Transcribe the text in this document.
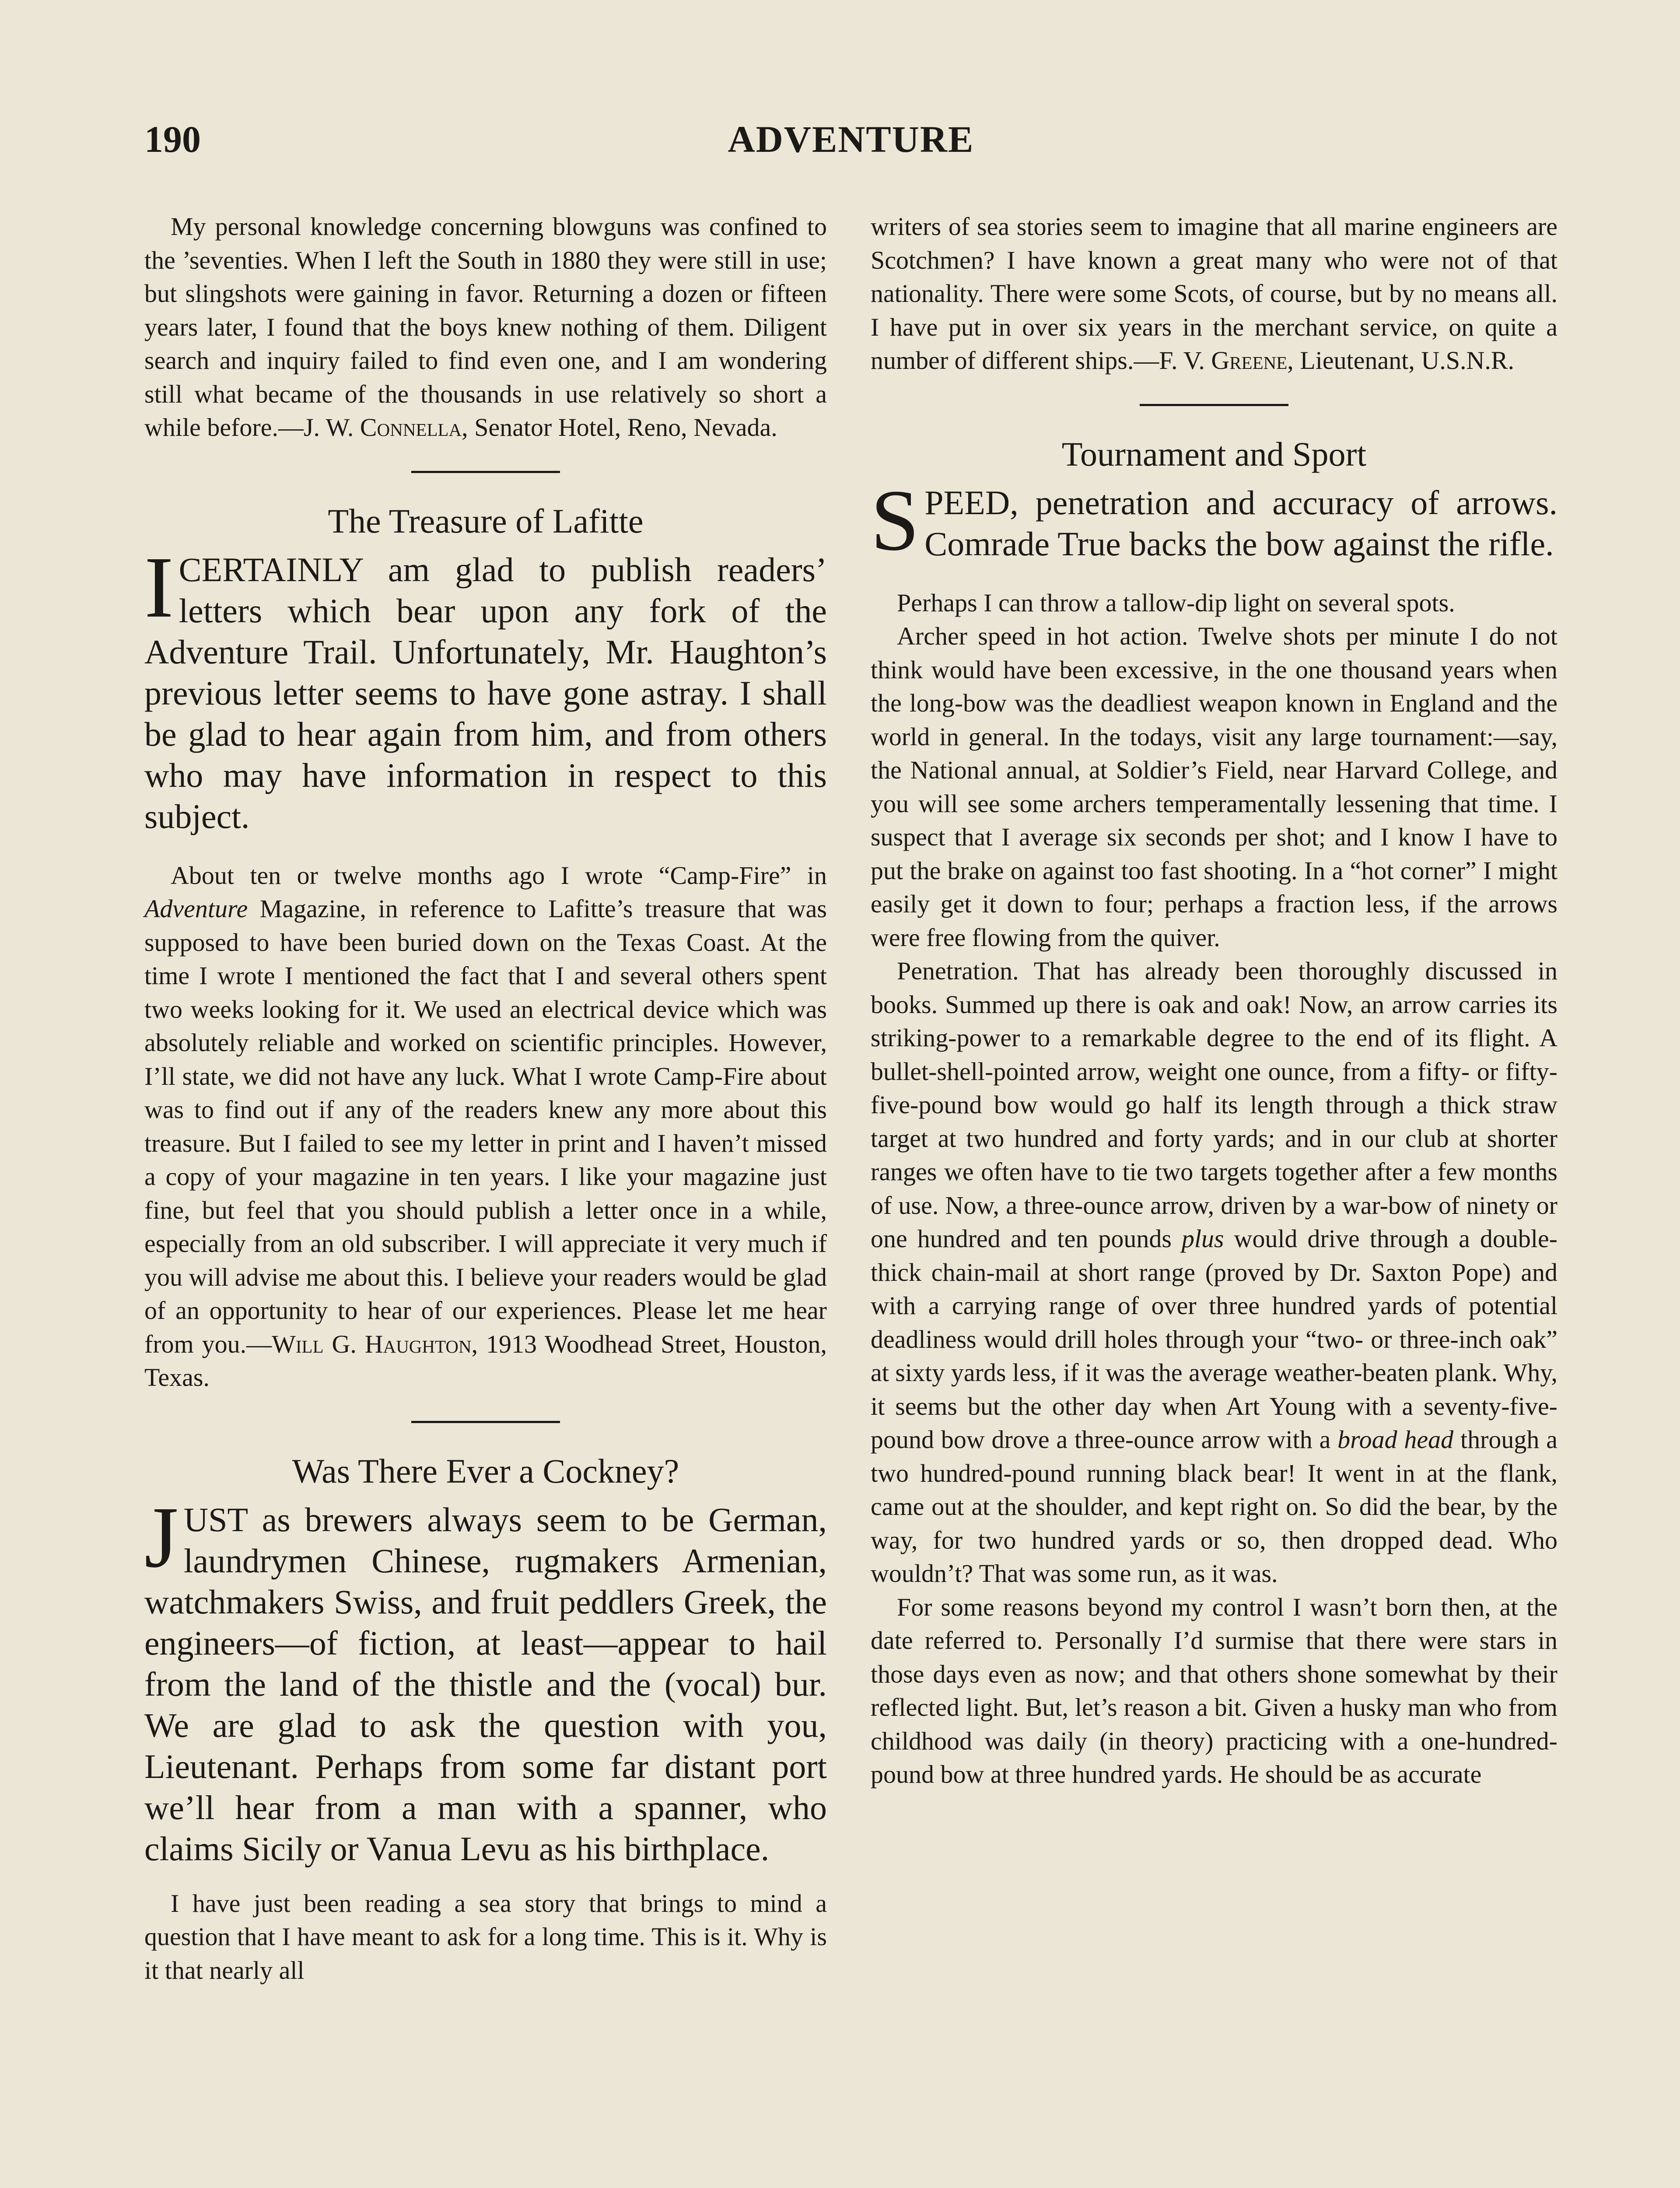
190	ADVENTURE

My personal knowledge concerning blowguns was confined to the ’seventies. When I left the South in 1880 they were still in use; but slingshots were gaining in favor. Returning a dozen or fifteen years later, I found that the boys knew nothing of them. Diligent search and inquiry failed to find even one, and I am wondering still what became of the thousands in use relatively so short a while before.—J. W. Connella, Senator Hotel, Reno, Nevada.

The Treasure of Lafitte

ICERTAINLY am glad to publish readers’ letters which bear upon any fork of the Adventure Trail. Unfortunately, Mr. Haughton’s previous letter seems to have gone astray. I shall be glad to hear again from him, and from others who may have information in respect to this subject.

About ten or twelve months ago I wrote “Camp-Fire” in Adventure Magazine, in reference to Lafitte’s treasure that was supposed to have been buried down on the Texas Coast. At the time I wrote I mentioned the fact that I and several others spent two weeks looking for it. We used an electrical device which was absolutely reliable and worked on scientific principles. However, I’ll state, we did not have any luck. What I wrote Camp-Fire about was to find out if any of the readers knew any more about this treasure. But I failed to see my letter in print and I haven’t missed a copy of your magazine in ten years. I like your magazine just fine, but feel that you should publish a letter once in a while, especially from an old subscriber. I will appreciate it very much if you will advise me about this. I believe your readers would be glad of an opportunity to hear of our experiences. Please let me hear from you.—Will G. Haughton, 1913 Woodhead Street, Houston, Texas.

Was There Ever a Cockney?

JUST as brewers always seem to be German, laundrymen Chinese, rugmakers Armenian, watchmakers Swiss, and fruit peddlers Greek, the engineers—of fiction, at least—appear to hail from the land of the thistle and the (vocal) bur. We are glad to ask the question with you, Lieutenant. Perhaps from some far distant port we’ll hear from a man with a spanner, who claims Sicily or Vanua Levu as his birthplace.

I have just been reading a sea story that brings to mind a question that I have meant to ask for a long time. This is it. Why is it that nearly all

writers of sea stories seem to imagine that all marine engineers are Scotchmen? I have known a great many who were not of that nationality. There were some Scots, of course, but by no means all. I have put in over six years in the merchant service, on quite a number of different ships.—F. V. Greene, Lieutenant, U.S.N.R.

Tournament and Sport

SPEED, penetration and accuracy of arrows. Comrade True backs the bow against the rifle.

Perhaps I can throw a tallow-dip light on several spots.

Archer speed in hot action. Twelve shots per minute I do not think would have been excessive, in the one thousand years when the long-bow was the deadliest weapon known in England and the world in general. In the todays, visit any large tournament:—say, the National annual, at Soldier’s Field, near Harvard College, and you will see some archers temperamentally lessening that time. I suspect that I average six seconds per shot; and I know I have to put the brake on against too fast shooting. In a “hot corner” I might easily get it down to four; perhaps a fraction less, if the arrows were free flowing from the quiver.

Penetration. That has already been thoroughly discussed in books. Summed up there is oak and oak! Now, an arrow carries its striking-power to a remarkable degree to the end of its flight. A bullet-shell-pointed arrow, weight one ounce, from a fifty- or fifty-five-pound bow would go half its length through a thick straw target at two hundred and forty yards; and in our club at shorter ranges we often have to tie two targets together after a few months of use. Now, a three-ounce arrow, driven by a war-bow of ninety or one hundred and ten pounds plus would drive through a double-thick chain-mail at short range (proved by Dr. Saxton Pope) and with a carrying range of over three hundred yards of potential deadliness would drill holes through your “two- or three-inch oak” at sixty yards less, if it was the average weather-beaten plank. Why, it seems but the other day when Art Young with a seventy-five-pound bow drove a three-ounce arrow with a broad head through a two hundred-pound running black bear! It went in at the flank, came out at the shoulder, and kept right on. So did the bear, by the way, for two hundred yards or so, then dropped dead. Who wouldn’t? That was some run, as it was.

For some reasons beyond my control I wasn’t born then, at the date referred to. Personally I’d surmise that there were stars in those days even as now; and that others shone somewhat by their reflected light. But, let’s reason a bit. Given a husky man who from childhood was daily (in theory) practicing with a one-hundred-pound bow at three hundred yards. He should be as accurate
